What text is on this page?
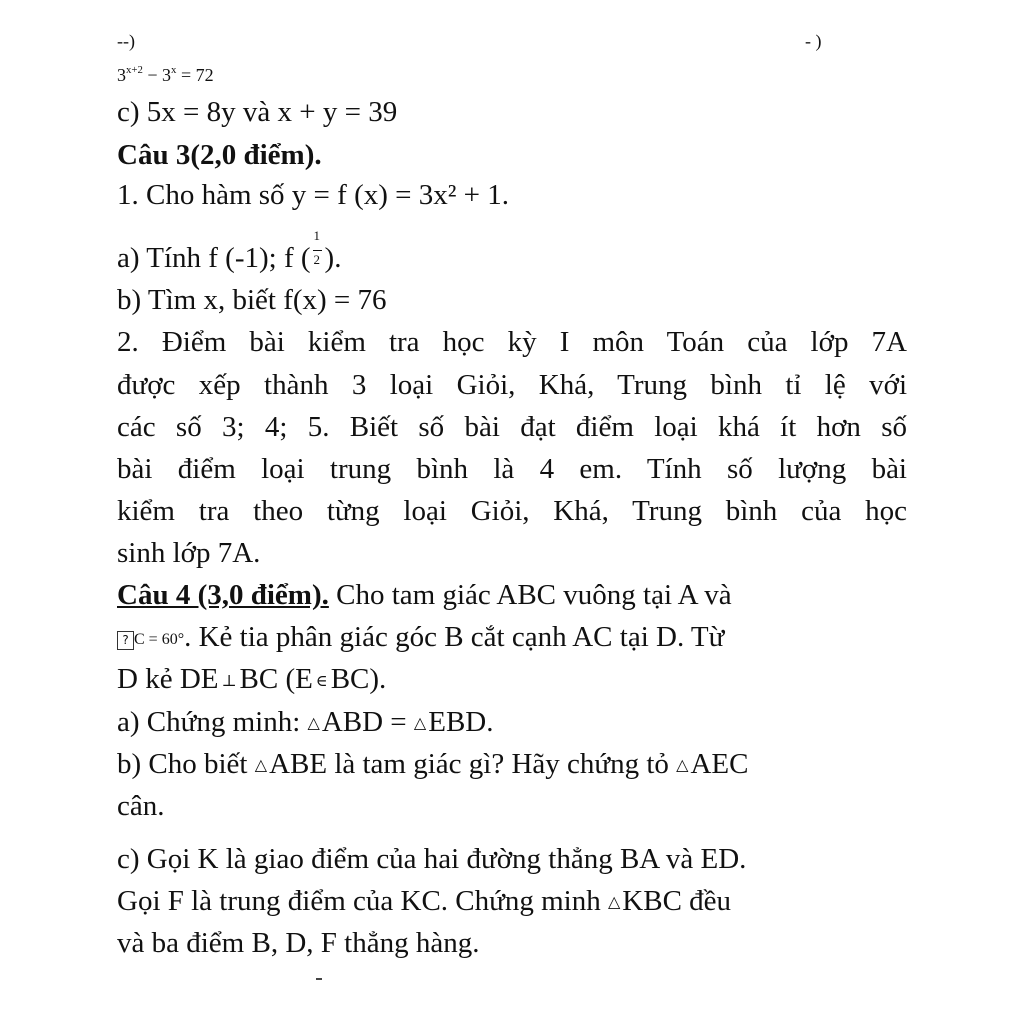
--)	- )
$3^{x+2} - 3^x = 72$
c) 5x = 8y và x + y = 39
Câu 3(2,0 điểm).
1. Cho hàm số y = f (x) = 3x² + 1.
a) Tính f (-1); f ( $\frac{1}{2}$ ).
b) Tìm x, biết f(x) = 76
2. Điểm bài kiểm tra học kỳ I môn Toán của lớp 7A
được xếp thành 3 loại Giỏi, Khá, Trung bình tỉ lệ với
các số 3; 4; 5. Biết số bài đạt điểm loại khá ít hơn số
bài điểm loại trung bình là 4 em. Tính số lượng bài
kiểm tra theo từng loại Giỏi, Khá, Trung bình của học
sinh lớp 7A.
Câu 4 (3,0 điểm). Cho tam giác ABC vuông tại A và
? C = 60°. Kẻ tia phân giác góc B cắt cạnh AC tại D. Từ
D kẻ DE ⊥ BC (E ∈ BC).
a) Chứng minh: △ABD = △EBD.
b) Cho biết △ABE là tam giác gì? Hãy chứng tỏ △AEC
cân.
c) Gọi K là giao điểm của hai đường thẳng BA và ED.
Gọi F là trung điểm của KC. Chứng minh △KBC đều
và ba điểm B, D, F thẳng hàng.
